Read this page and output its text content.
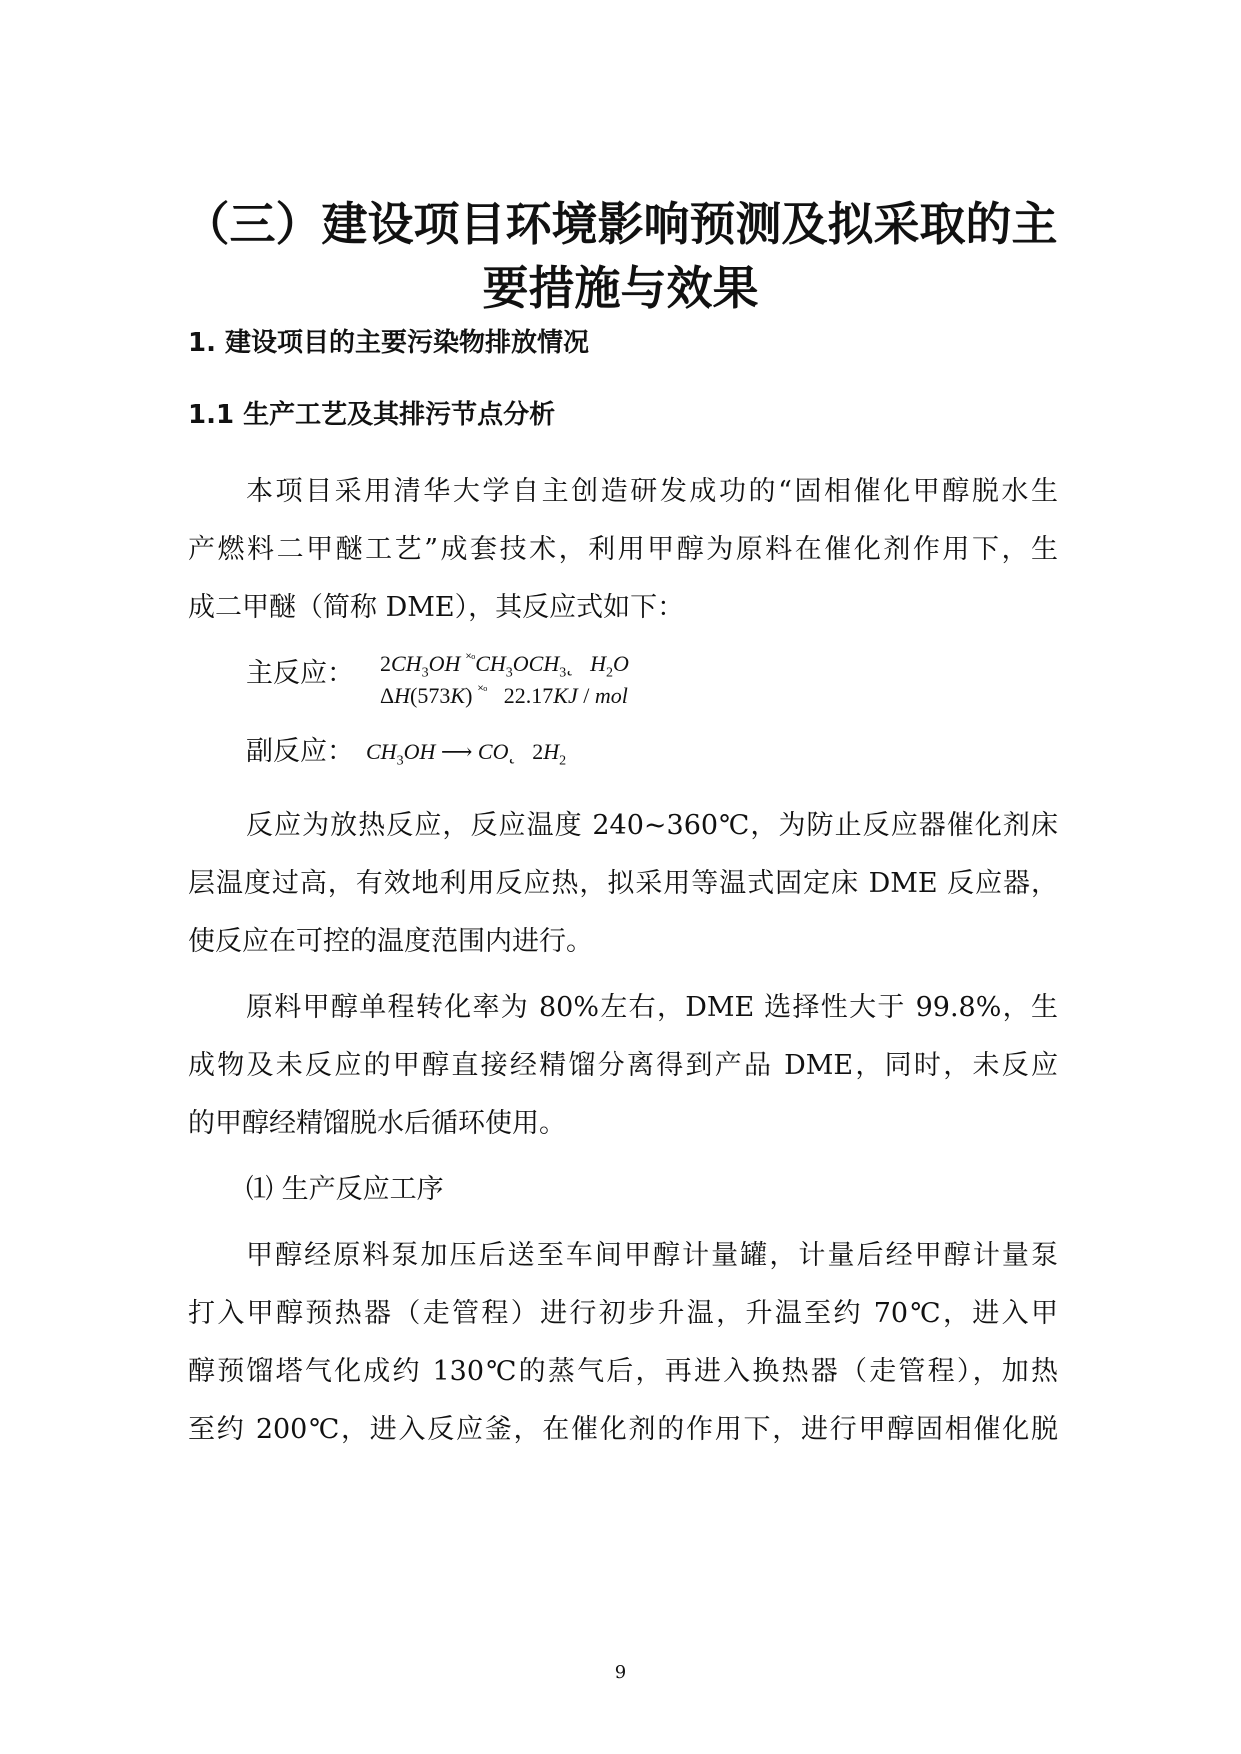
（三）建设项目环境影响预测及拟采取的主
要措施与效果
1. 建设项目的主要污染物排放情况
1.1 生产工艺及其排污节点分析
本项目采用清华大学自主创造研发成功的“固相催化甲醇脱水生
产燃料二甲醚工艺”成套技术，利用甲醇为原料在催化剂作用下，生
成二甲醚（简称 DME），其反应式如下：
主反应： $2CH_3OH$ $^{˟ᵒ}CH_3OCH_3˛$ $H_2O$
ΔH(573K) $^{˟ᵒ}$ 22.17KJ / mol
副反应： $CH_3OH$ ⟶ CO˛ $2H_2$
反应为放热反应，反应温度 240~360℃，为防止反应器催化剂床
层温度过高，有效地利用反应热，拟采用等温式固定床 DME 反应器，
使反应在可控的温度范围内进行。
原料甲醇单程转化率为 80%左右，DME 选择性大于 99.8%，生
成物及未反应的甲醇直接经精馏分离得到产品 DME，同时，未反应
的甲醇经精馏脱水后循环使用。
⑴ 生产反应工序
甲醇经原料泵加压后送至车间甲醇计量罐，计量后经甲醇计量泵
打入甲醇预热器（走管程）进行初步升温，升温至约 70℃，进入甲
醇预馏塔气化成约 130℃的蒸气后，再进入换热器（走管程），加热
至约 200℃，进入反应釜，在催化剂的作用下，进行甲醇固相催化脱
9
